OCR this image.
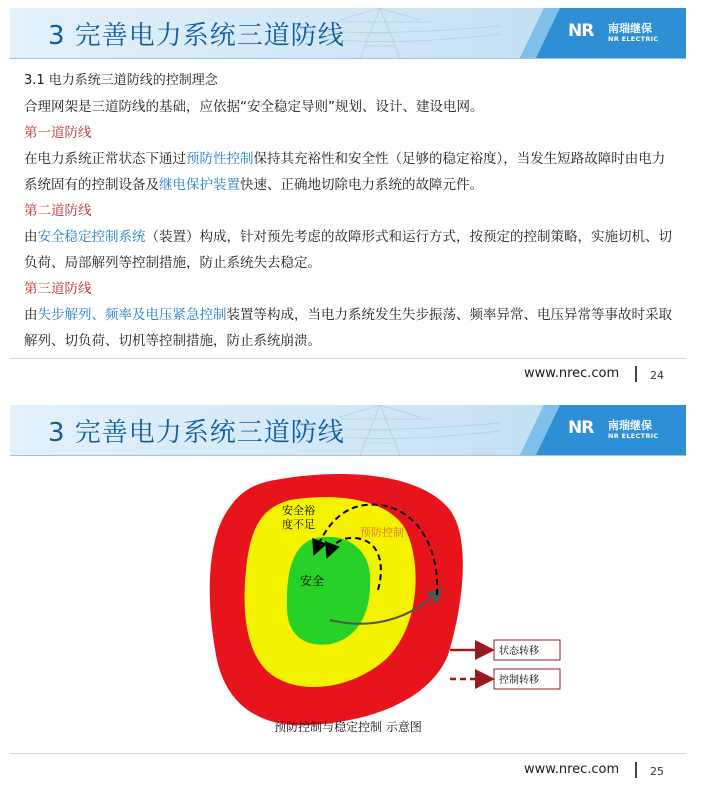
3 完善电力系统三道防线	NR 南瑞继保
NR ELECTRIC

3.1 电力系统三道防线的控制理念

合理网架是三道防线的基础，应依据“安全稳定导则”规划、设计、建设电网。

第一道防线

在电力系统正常状态下通过预防性控制保持其充裕性和安全性（足够的稳定裕度），当发生短路故障时由电力系统固有的控制设备及继电保护装置快速、正确地切除电力系统的故障元件。

第二道防线

由安全稳定控制系统（装置）构成，针对预先考虑的故障形式和运行方式，按预定的控制策略，实施切机、切负荷、局部解列等控制措施，防止系统失去稳定。

第三道防线

由失步解列、频率及电压紧急控制装置等构成，当电力系统发生失步振荡、频率异常、电压异常等事故时采取解列、切负荷、切机等控制措施，防止系统崩溃。

www.nrec.com	24
3 完善电力系统三道防线	NR 南瑞继保
NR ELECTRIC
安全裕
度不足
预防控制
安全
状态转移
控制转移
预防控制与稳定控制 示意图
www.nrec.com	25
